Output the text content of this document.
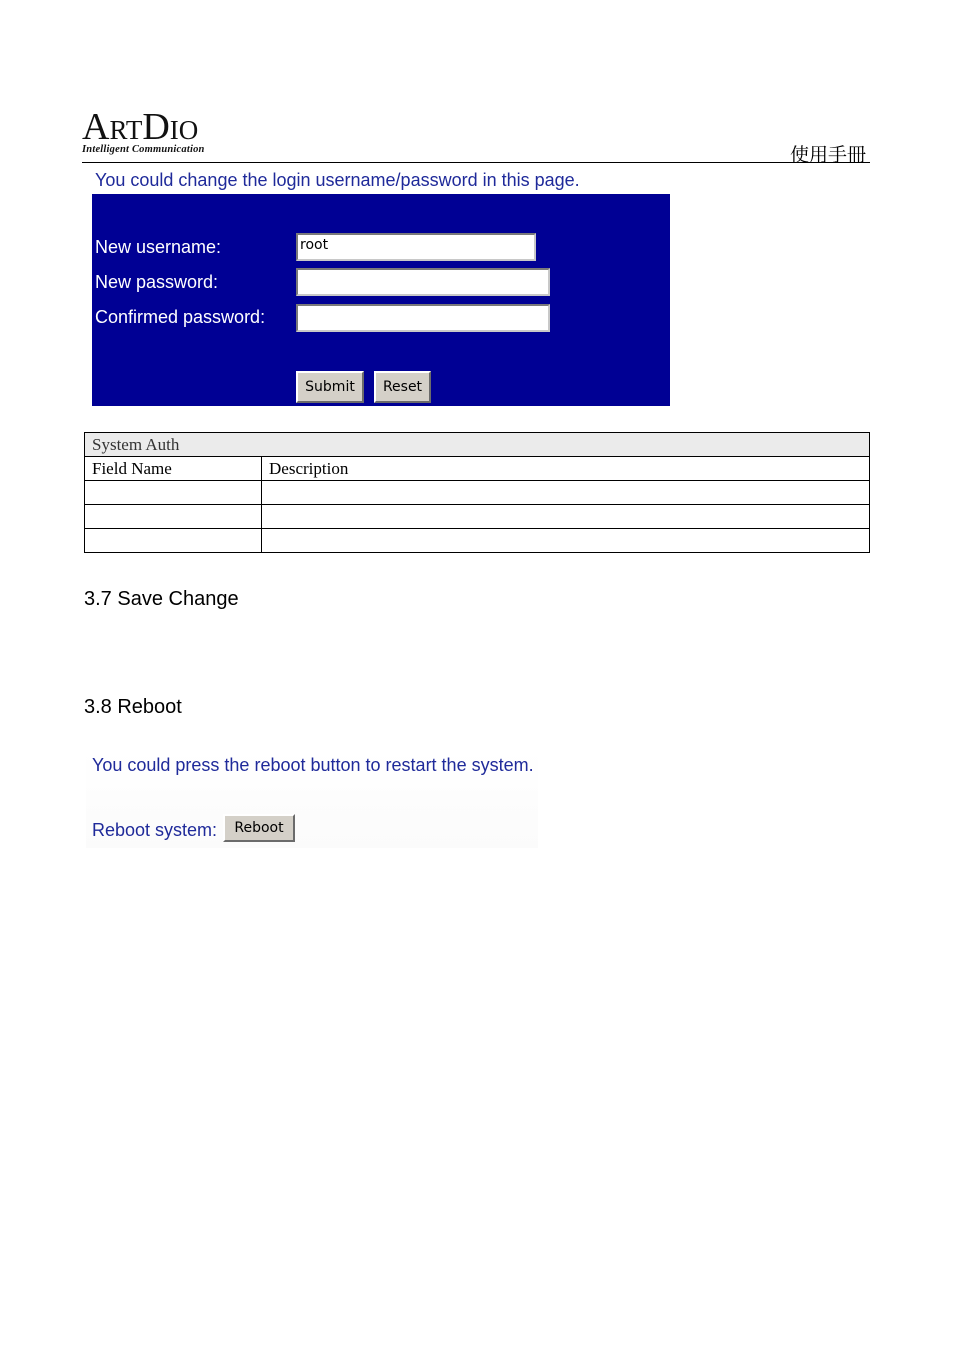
ARTDIO
Intelligent Communication	使用手冊
You could change the login username/password in this page.
New username:	root
New password:
Confirmed password:
Submit	Reset
System Auth	
Field Name	Description

3.7 Save Change
3.8 Reboot
You could press the reboot button to restart the system.
Reboot system:	Reboot
